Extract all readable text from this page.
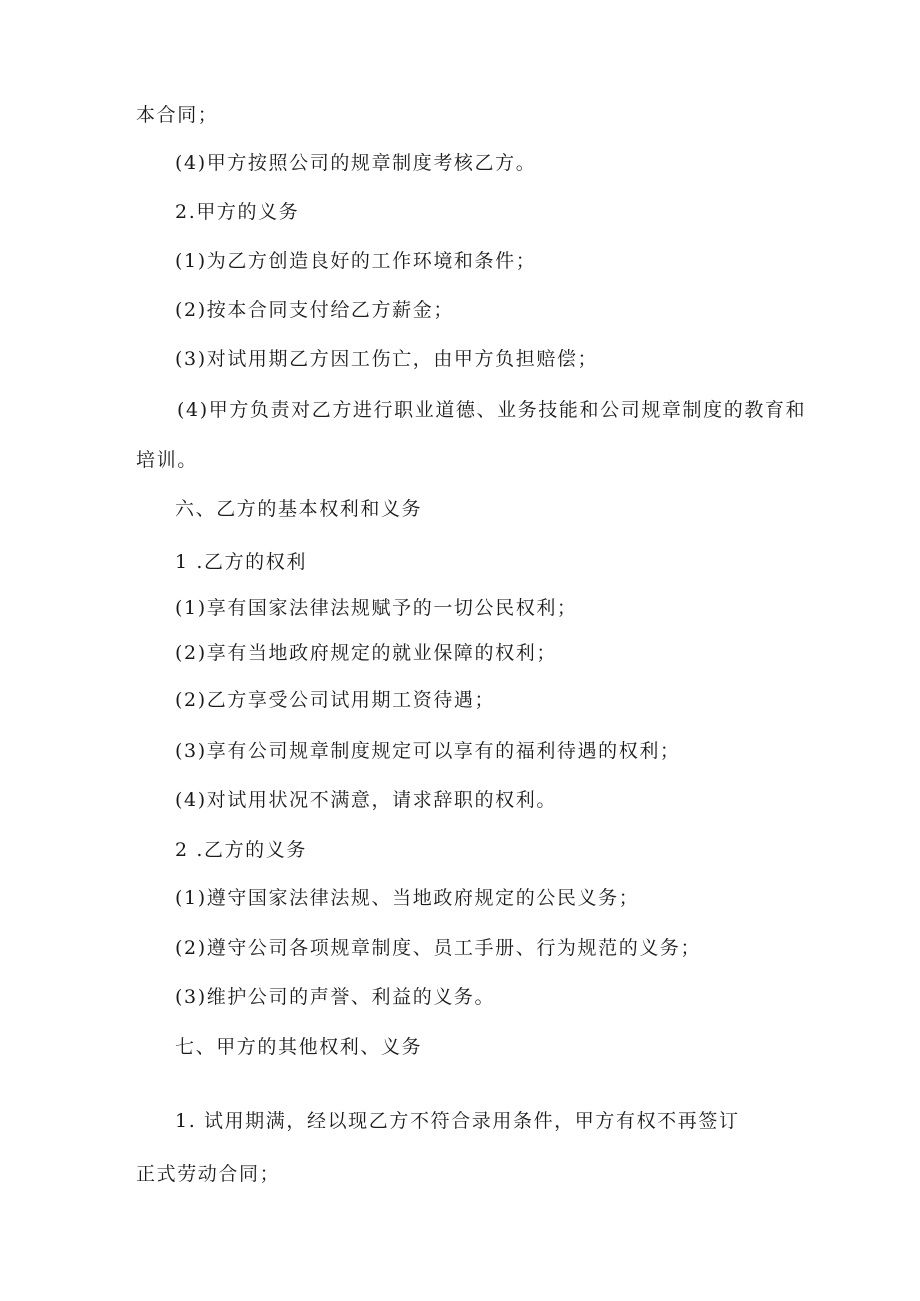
本合同；
(4)甲方按照公司的规章制度考核乙方。
2.甲方的义务
(1)为乙方创造良好的工作环境和条件；
(2)按本合同支付给乙方薪金；
(3)对试用期乙方因工伤亡，由甲方负担赔偿；
(4)甲方负责对乙方进行职业道德、业务技能和公司规章制度的教育和
培训。
六、乙方的基本权利和义务
1 .乙方的权利
(1)享有国家法律法规赋予的一切公民权利；
(2)享有当地政府规定的就业保障的权利；
(2)乙方享受公司试用期工资待遇；
(3)享有公司规章制度规定可以享有的福利待遇的权利；
(4)对试用状况不满意，请求辞职的权利。
2 .乙方的义务
(1)遵守国家法律法规、当地政府规定的公民义务；
(2)遵守公司各项规章制度、员工手册、行为规范的义务；
(3)维护公司的声誉、利益的义务。
七、甲方的其他权利、义务
1. 试用期满，经以现乙方不符合录用条件，甲方有权不再签订
正式劳动合同；
